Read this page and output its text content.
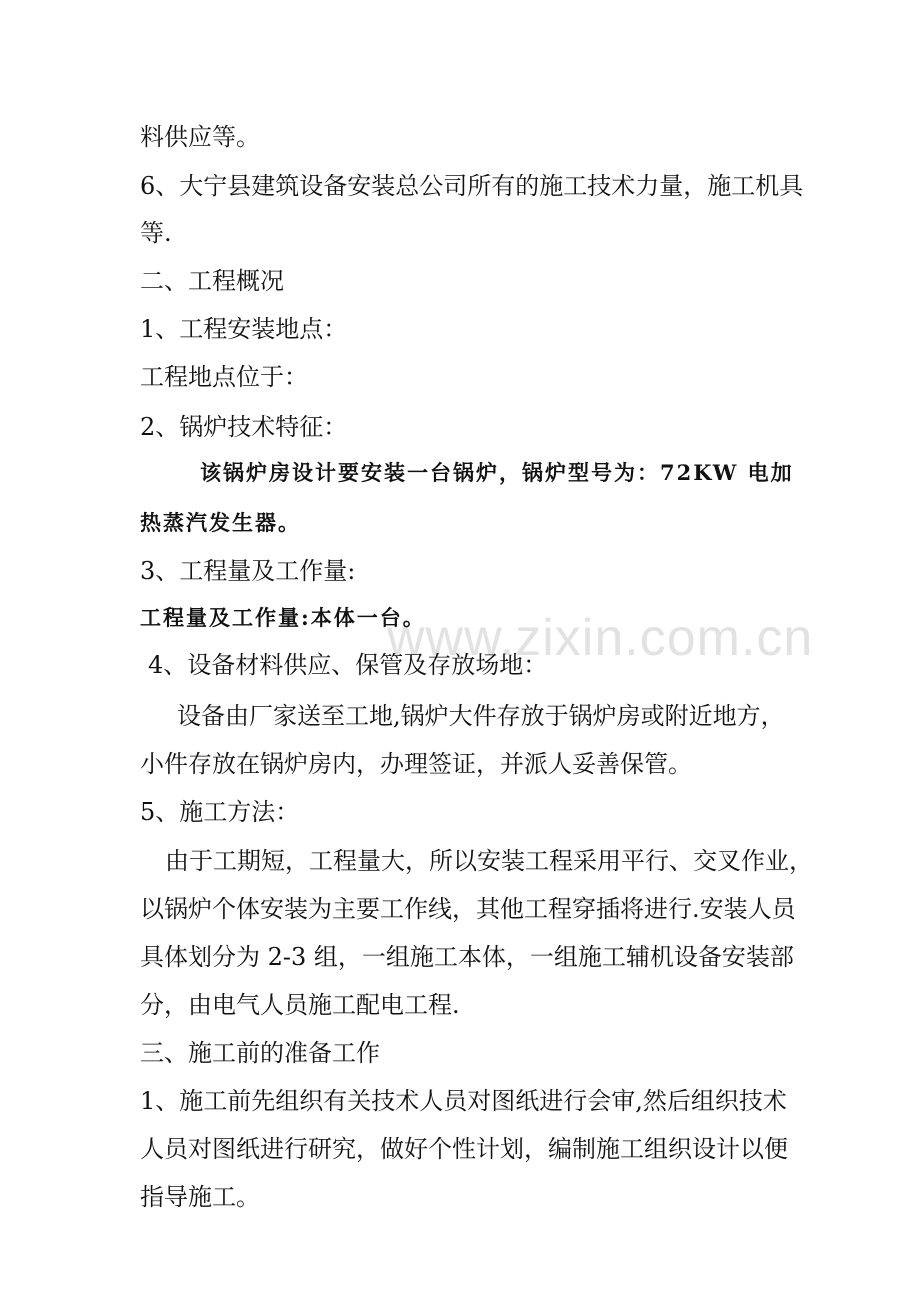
www.zixin.com.cn
料供应等。
6、大宁县建筑设备安装总公司所有的施工技术力量，施工机具
等.
二、工程概况
1、工程安装地点：
工程地点位于：
2、锅炉技术特征：
该锅炉房设计要安装一台锅炉，锅炉型号为：72KW 电加
热蒸汽发生器。
3、工程量及工作量:
工程量及工作量:本体一台。
4、设备材料供应、保管及存放场地：
设备由厂家送至工地,锅炉大件存放于锅炉房或附近地方，
小件存放在锅炉房内，办理签证，并派人妥善保管。
5、施工方法：
由于工期短，工程量大，所以安装工程采用平行、交叉作业，
以锅炉个体安装为主要工作线，其他工程穿插将进行.安装人员
具体划分为 2-3 组，一组施工本体，一组施工辅机设备安装部
分，由电气人员施工配电工程.
三、施工前的准备工作
1、施工前先组织有关技术人员对图纸进行会审,然后组织技术
人员对图纸进行研究，做好个性计划，编制施工组织设计以便
指导施工。
